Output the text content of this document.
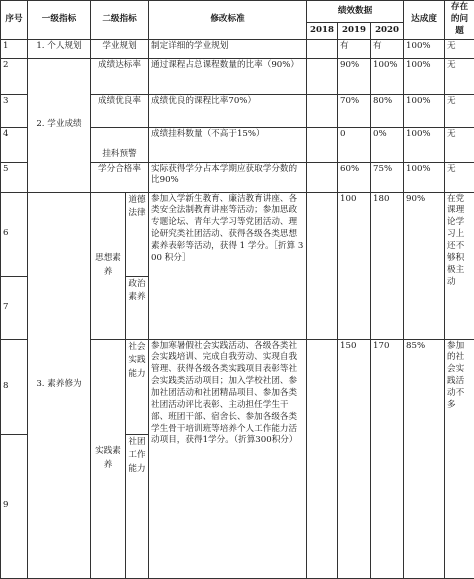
序号	一级指标	二级指标		修改标准	绩效数据			达成度	存在的问题
					2018	2019	2020		
1	1. 个人规划	学业规划		制定详细的学业规划		有	有	100%	无
2	2. 学业成绩	成绩达标率		通过课程占总课程数量的比率（90%）		90%	100%	100%	无
3		成绩优良率		成绩优良的课程比率70%）		70%	80%	100%	无
4		挂科预警		成绩挂科数量（不高于15%）		0	0%	100%	无
5		学分合格率		实际获得学分占本学期应获取学分数的比90%		60%	75%	100%	无
6	3. 素养修为	思想素养	道德法律	参加入学新生教育、廉洁教育讲座、各类安全法制教育讲座等活动；参加思政专题论坛、青年大学习等党团活动、理论研究类社团活动、获得各级各类思想素养表彰等活动，获得 1 学分。［折算 300 积分］		100	180	90%	在党课理论学习上还不够积极主动
7			政治素养						
8		实践素养	社会实践能力	参加寒暑假社会实践活动、各级各类社会实践培训、完成自我劳动、实现自我管理、获得各级各类实践项目表彰等社会实践类活动项目；加入学校社团、参加社团活动和社团精品项目、参加各类社团活动评比表彰、主动担任学生干部、班团干部、宿舍长、参加各级各类学生骨干培训班等培养个人工作能力活动项目，获得1学分。（折算300积分）		150	170	85%	参加的社会实践活动不多
9			社团工作能力						
